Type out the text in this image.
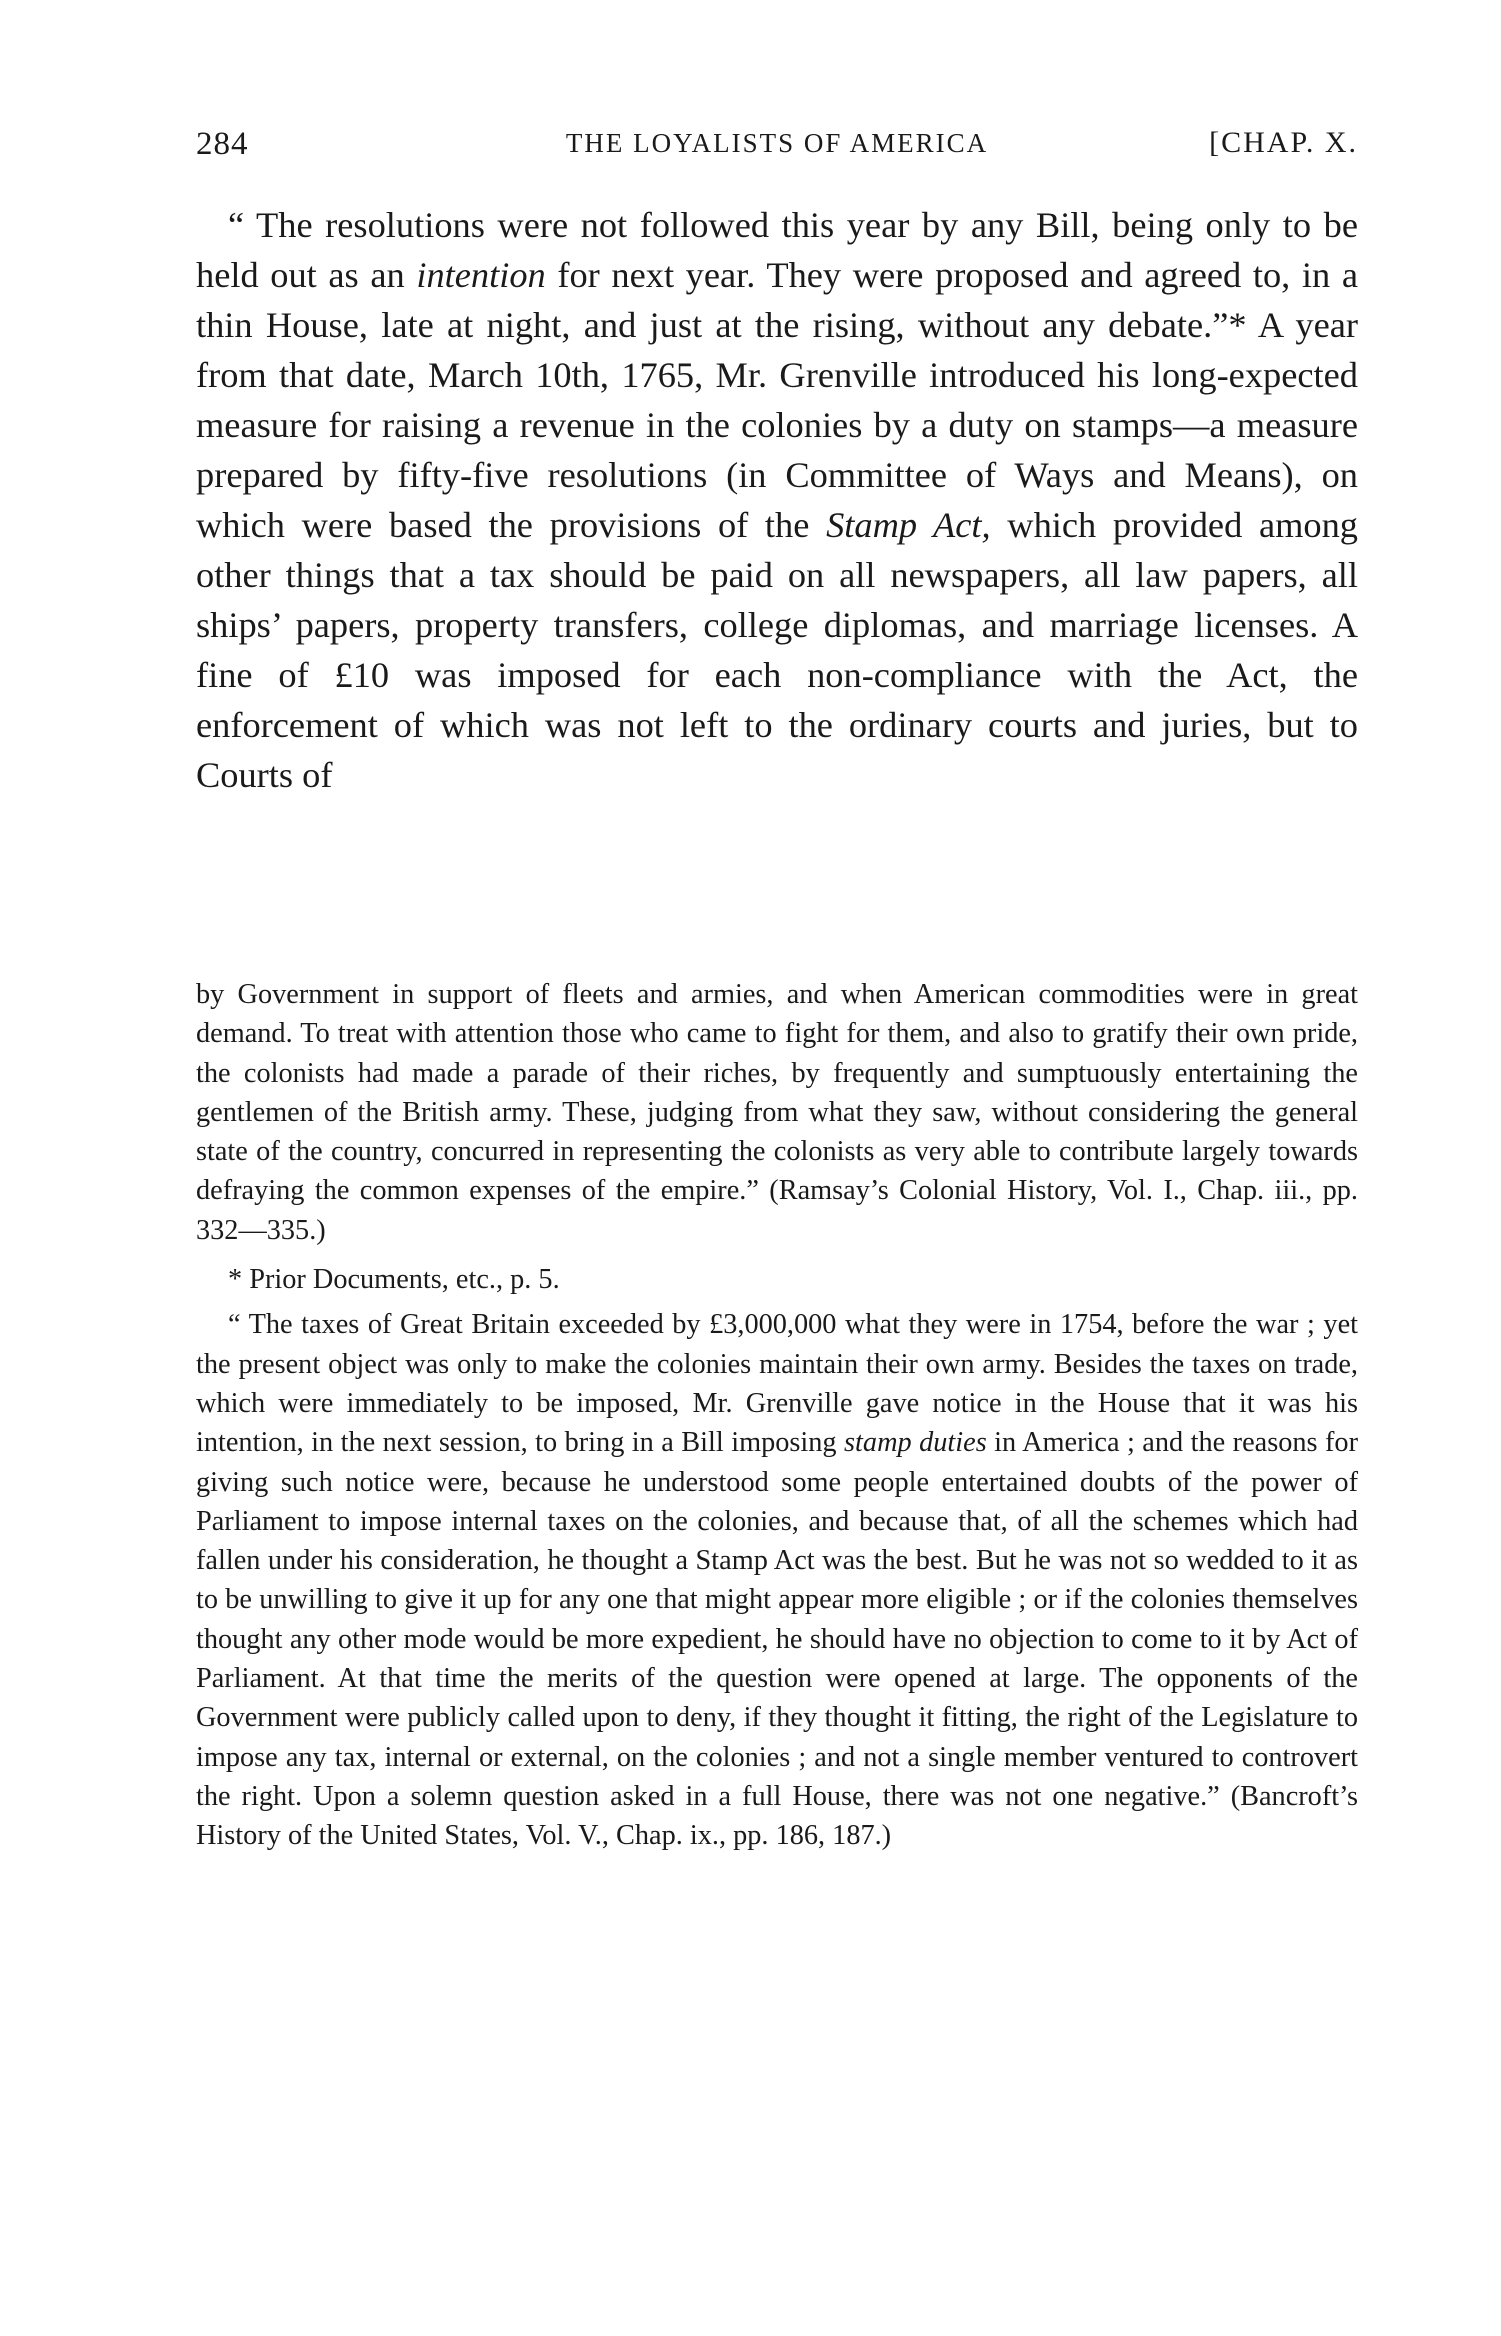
284	THE LOYALISTS OF AMERICA	[CHAP. X.

“ The resolutions were not followed this year by any Bill, being only to be held out as an intention for next year. They were proposed and agreed to, in a thin House, late at night, and just at the rising, without any debate.”* A year from that date, March 10th, 1765, Mr. Grenville introduced his long-expected measure for raising a revenue in the colonies by a duty on stamps—a measure prepared by fifty-five resolutions (in Committee of Ways and Means), on which were based the provisions of the Stamp Act, which provided among other things that a tax should be paid on all newspapers, all law papers, all ships’ papers, property transfers, college diplomas, and marriage licenses. A fine of £10 was imposed for each non-compliance with the Act, the enforcement of which was not left to the ordinary courts and juries, but to Courts of

by Government in support of fleets and armies, and when American commodities were in great demand. To treat with attention those who came to fight for them, and also to gratify their own pride, the colonists had made a parade of their riches, by frequently and sumptuously entertaining the gentlemen of the British army. These, judging from what they saw, without considering the general state of the country, concurred in representing the colonists as very able to contribute largely towards defraying the common expenses of the empire.” (Ramsay’s Colonial History, Vol. I., Chap. iii., pp. 332—335.)

* Prior Documents, etc., p. 5.

“ The taxes of Great Britain exceeded by £3,000,000 what they were in 1754, before the war ; yet the present object was only to make the colonies maintain their own army. Besides the taxes on trade, which were immediately to be imposed, Mr. Grenville gave notice in the House that it was his intention, in the next session, to bring in a Bill imposing stamp duties in America ; and the reasons for giving such notice were, because he understood some people entertained doubts of the power of Parliament to impose internal taxes on the colonies, and because that, of all the schemes which had fallen under his consideration, he thought a Stamp Act was the best. But he was not so wedded to it as to be unwilling to give it up for any one that might appear more eligible ; or if the colonies themselves thought any other mode would be more expedient, he should have no objection to come to it by Act of Parliament. At that time the merits of the question were opened at large. The opponents of the Government were publicly called upon to deny, if they thought it fitting, the right of the Legislature to impose any tax, internal or external, on the colonies ; and not a single member ventured to controvert the right. Upon a solemn question asked in a full House, there was not one negative.” (Bancroft’s History of the United States, Vol. V., Chap. ix., pp. 186, 187.)
